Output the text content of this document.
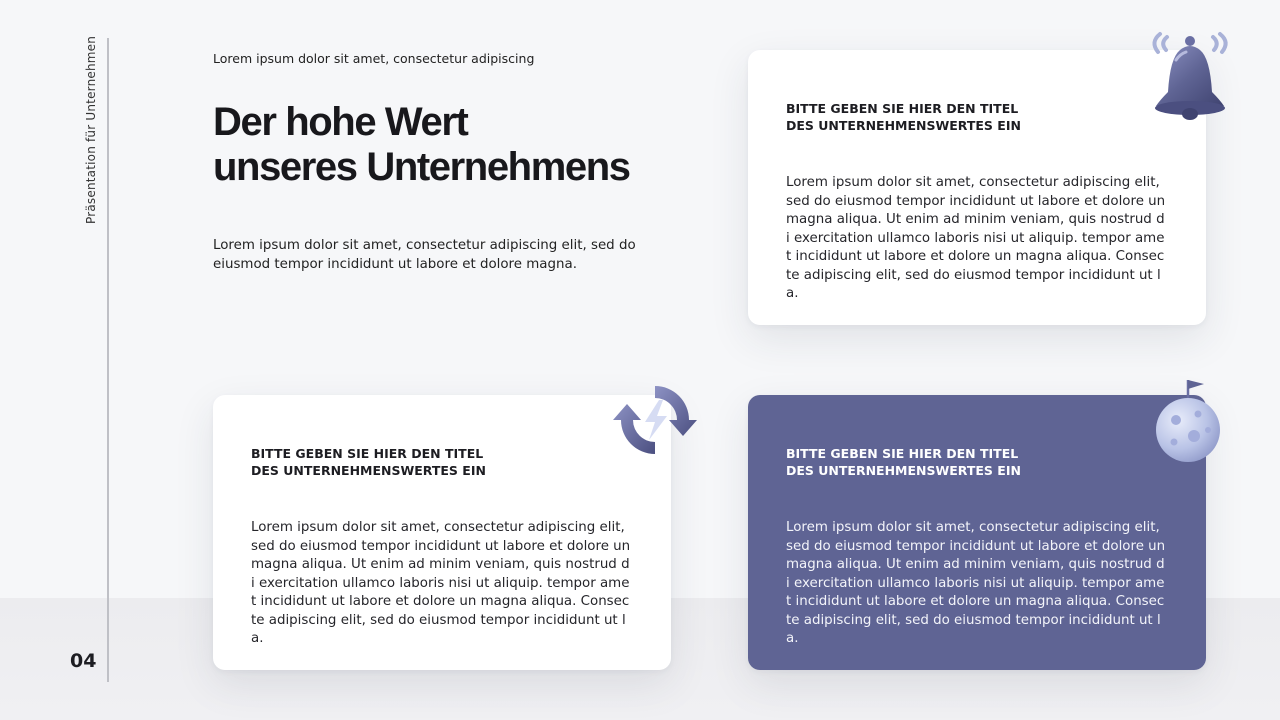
Präsentation für Unternehmen
04
Lorem ipsum dolor sit amet, consectetur adipiscing
Der hohe Wert
unseres Unternehmens

Lorem ipsum dolor sit amet, consectetur adipiscing elit, sed do eiusmod tempor incididunt ut labore et dolore magna.

BITTE GEBEN SIE HIER DEN TITEL
DES UNTERNEHMENSWERTES EIN

Lorem ipsum dolor sit amet, consectetur adipiscing elit, sed do eiusmod tempor incididunt ut labore et dolore un magna aliqua. Ut enim ad minim veniam, quis nostrud di exercitation ullamco laboris nisi ut aliquip. tempor amet incididunt ut labore et dolore un magna aliqua. Consecte adipiscing elit, sed do eiusmod tempor incididunt ut la.

BITTE GEBEN SIE HIER DEN TITEL
DES UNTERNEHMENSWERTES EIN

Lorem ipsum dolor sit amet, consectetur adipiscing elit, sed do eiusmod tempor incididunt ut labore et dolore un magna aliqua. Ut enim ad minim veniam, quis nostrud di exercitation ullamco laboris nisi ut aliquip. tempor amet incididunt ut labore et dolore un magna aliqua. Consecte adipiscing elit, sed do eiusmod tempor incididunt ut la.

BITTE GEBEN SIE HIER DEN TITEL
DES UNTERNEHMENSWERTES EIN

Lorem ipsum dolor sit amet, consectetur adipiscing elit, sed do eiusmod tempor incididunt ut labore et dolore un magna aliqua. Ut enim ad minim veniam, quis nostrud di exercitation ullamco laboris nisi ut aliquip. tempor amet incididunt ut labore et dolore un magna aliqua. Consecte adipiscing elit, sed do eiusmod tempor incididunt ut la.
